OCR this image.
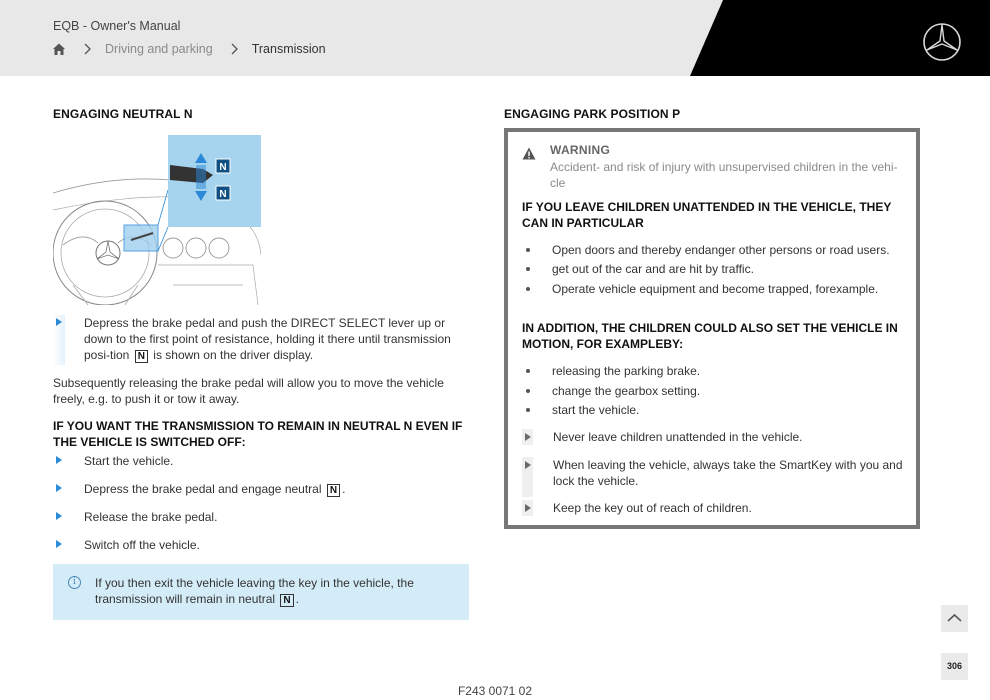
EQB - Owner's Manual
Driving and parking	Transmission
ENGAGING NEUTRAL N
N
N
Depress the brake pedal and push the DIRECT SELECT lever up or down to the first point of resistance, holding it there until transmission posi-tion N is shown on the driver display.
Subsequently releasing the brake pedal will allow you to move the vehicle freely, e.g. to push it or tow it away.
IF YOU WANT THE TRANSMISSION TO REMAIN IN NEUTRAL N EVEN IF THE VEHICLE IS SWITCHED OFF:
Start the vehicle.
Depress the brake pedal and engage neutral N .
Release the brake pedal.
Switch off the vehicle.
i	If you then exit the vehicle leaving the key in the vehicle, the transmission will remain in neutral N .
ENGAGING PARK POSITION P
WARNING
Accident- and risk of injury with unsupervised children in the vehi-cle
IF YOU LEAVE CHILDREN UNATTENDED IN THE VEHICLE, THEY CAN IN PARTICULAR
Open doors and thereby endanger other persons or road users.
get out of the car and are hit by traffic.
Operate vehicle equipment and become trapped, forexample.
IN ADDITION, THE CHILDREN COULD ALSO SET THE VEHICLE IN MOTION, FOR EXAMPLEBY:
releasing the parking brake.
change the gearbox setting.
start the vehicle.
Never leave children unattended in the vehicle.
When leaving the vehicle, always take the SmartKey with you and lock the vehicle.
Keep the key out of reach of children.
306
F243 0071 02
